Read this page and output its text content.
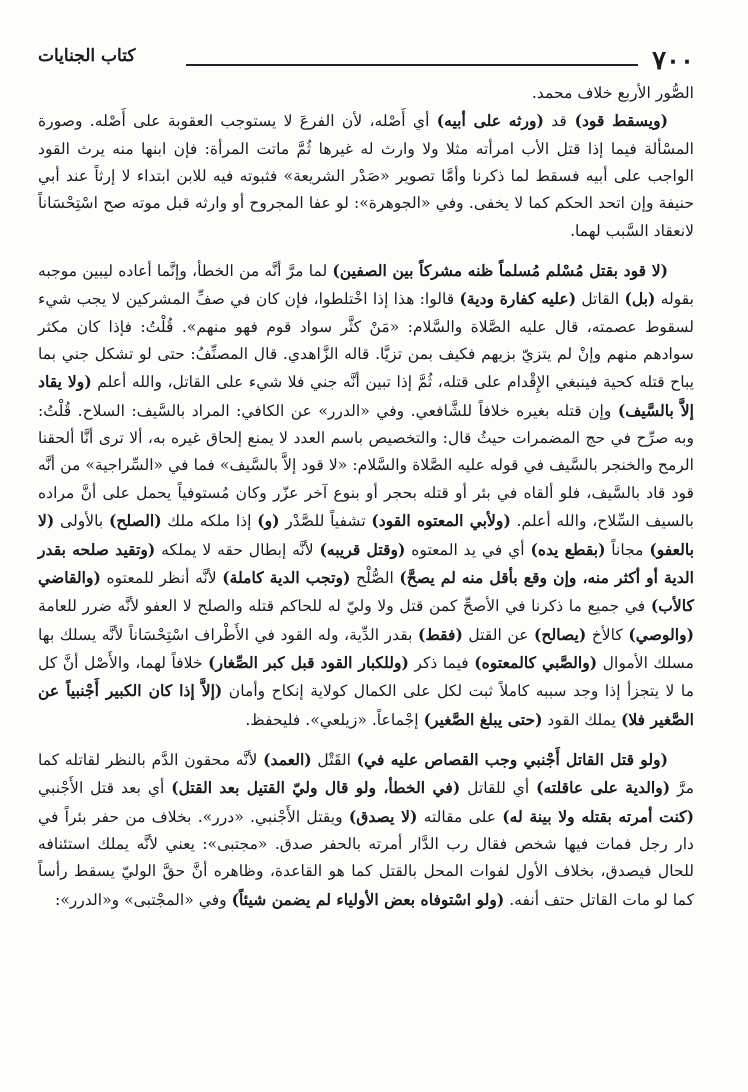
٧٠٠
كتاب الجنايات

الصُّور الأربع خلاف محمد.

(ويسقط قود) قد (ورثه على أبيه) أي أَصْله، لأن الفرعَ لا يستوجب العقوبة على أَصْله. وصورة المسْألة فيما إذا قتل الأب امرأته مثلا ولا وارث له غيرها ثُمَّ ماتت المرأة: فإن ابنها منه يرث القود الواجب على أبيه فسقط لما ذكرنا وأمَّا تصوير «صَدْر الشريعة» فثبوته فيه للابن ابتداء لا إرثاً عند أبي حنيفة وإن اتحد الحكم كما لا يخفى. وفي «الجوهرة»: لو عفا المجروح أو وارثه قبل موته صح اسْتِحْسَاناً لانعقاد السَّبب لهما.

(لا قود بقتل مُسْلم مُسلماً ظنه مشركاً بين الصفين) لما مرَّ أنَّه من الخطأ، وإنَّما أعاده ليبين موجبه بقوله (بل) القاتل (عليه كفارة ودية) قالوا: هذا إذا اخْتلطوا، فإن كان في صفِّ المشركين لا يجب شيء لسقوط عصمته، قال عليه الصَّلاة والسَّلام: «مَنْ كثَّر سواد قوم فهو منهم». قُلْتُ: فإذا كان مكثر سوادهم منهم وإنْ لم يتزيّ بزيهم فكيف بمن تزيَّا. قاله الزَّاهدي. قال المصنِّفُ: حتى لو تشكل جني بما يباح قتله كحية فينبغي الإِقْدام على قتله، ثُمَّ إذا تبين أنَّه جني فلا شيء على القاتل، والله أعلم (ولا يقاد إلاَّ بالسَّيف) وإن قتله بغيره خلافاً للشَّافعي. وفي «الدرر» عن الكافي: المراد بالسَّيف: السلاح. قُلْتُ: وبه صرِّح في حج المضمرات حيثُ قال: والتخصيص باسم العدد لا يمنع إلحاق غيره به، ألا ترى أنَّا ألحقنا الرمح والخنجر بالسَّيف في قوله عليه الصَّلاة والسَّلام: «لا قود إلاَّ بالسَّيف» فما في «السِّراجية» من أنَّه قود قاد بالسَّيف، فلو ألقاه في بئر أو قتله بحجر أو بنوع آخر عزّر وكان مُستوفياً يحمل على أنَّ مراده بالسيف السِّلاح، والله أعلم. (ولأبي المعتوه القود) تشفياً للصَّدْر (و) إذا ملكه ملك (الصلح) بالأولى (لا بالعفو) مجاناً (بقطع يده) أي في يد المعتوه (وقتل قريبه) لأنَّه إبطال حقه لا يملكه (وتقيد صلحه بقدر الدية أو أكثر منه، وإن وقع بأقل منه لم يصحَّ) الصُّلْح (وتجب الدية كاملة) لأنَّه أنظر للمعتوه (والقاضي كالأب) في جميع ما ذكرنا في الأصحِّ كمن قتل ولا وليّ له للحاكم قتله والصلح لا العفو لأنَّه ضرر للعامة (والوصي) كالأخ (يصالح) عن القتل (فقط) بقدر الدِّية، وله القود في الأَطْراف اسْتِحْسَاناً لأنَّه يسلك بها مسلك الأموال (والصَّبي كالمعتوه) فيما ذكر (وللكبار القود قبل كبر الصِّغار) خلافاً لهما، والأَصْل أنَّ كل ما لا يتجزأ إذا وجد سببه كاملاً ثبت لكل على الكمال كولاية إنكاح وأمان (إلاَّ إذا كان الكبير أَجْنبياً عن الصَّغير فلا) يملك القود (حتى يبلغ الصَّغير) إجْماعاً. «زيلعي». فليحفظ.

(ولو قتل القاتل أَجْنبي وجب القصاص عليه في) القَتْل (العمد) لأنَّه محقون الدَّم بالنظر لقاتله كما مرَّ (والدية على عاقلته) أي للقاتل (في الخطأ، ولو قال وليّ القتيل بعد القتل) أي بعد قتل الأَجْنبي (كنت أمرته بقتله ولا بينة له) على مقالته (لا يصدق) ويقتل الأَجْنبي. «درر». بخلاف من حفر بئراً في دار رجل فمات فيها شخص فقال رب الدَّار أمرته بالحفر صدق. «مجتبى»: يعني لأنَّه يملك استئنافه للحال فيصدق، بخلاف الأول لفوات المحل بالقتل كما هو القاعدة، وظاهره أنَّ حقَّ الوليّ يسقط رأساً كما لو مات القاتل حتف أنفه. (ولو اسْتوفاه بعض الأولياء لم يضمن شيئاً) وفي «المجْتبى» و«الدرر»:
